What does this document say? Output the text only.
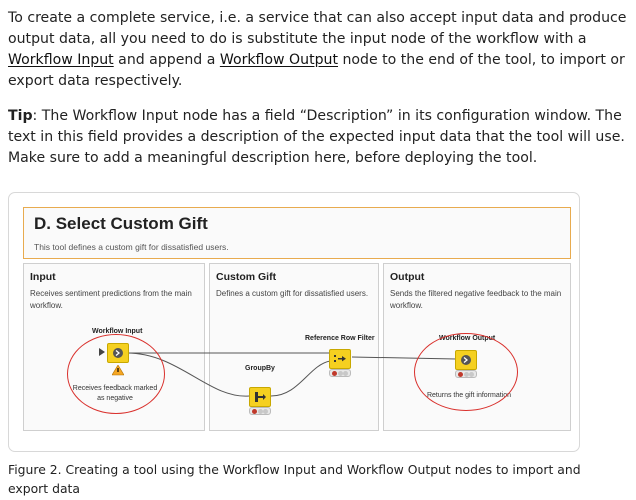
To create a complete service, i.e. a service that can also accept input data and produce output data, all you need to do is substitute the input node of the workflow with a Workflow Input and append a Workflow Output node to the end of the tool, to import or export data respectively.

Tip: The Workflow Input node has a field “Description” in its configuration window. The text in this field provides a description of the expected input data that the tool will use. Make sure to add a meaningful description here, before deploying the tool.

D. Select Custom Gift
This tool defines a custom gift for dissatisfied users.
Input
Receives sentiment predictions from the main workflow.
Custom Gift
Defines a custom gift for dissatisfied users.
Output
Sends the filtered negative feedback to the main workflow.
Workflow Input
Receives feedback marked as negative
GroupBy
Reference Row Filter	Workflow Output
Returns the gift information

Figure 2. Creating a tool using the Workflow Input and Workflow Output nodes to import and export data
